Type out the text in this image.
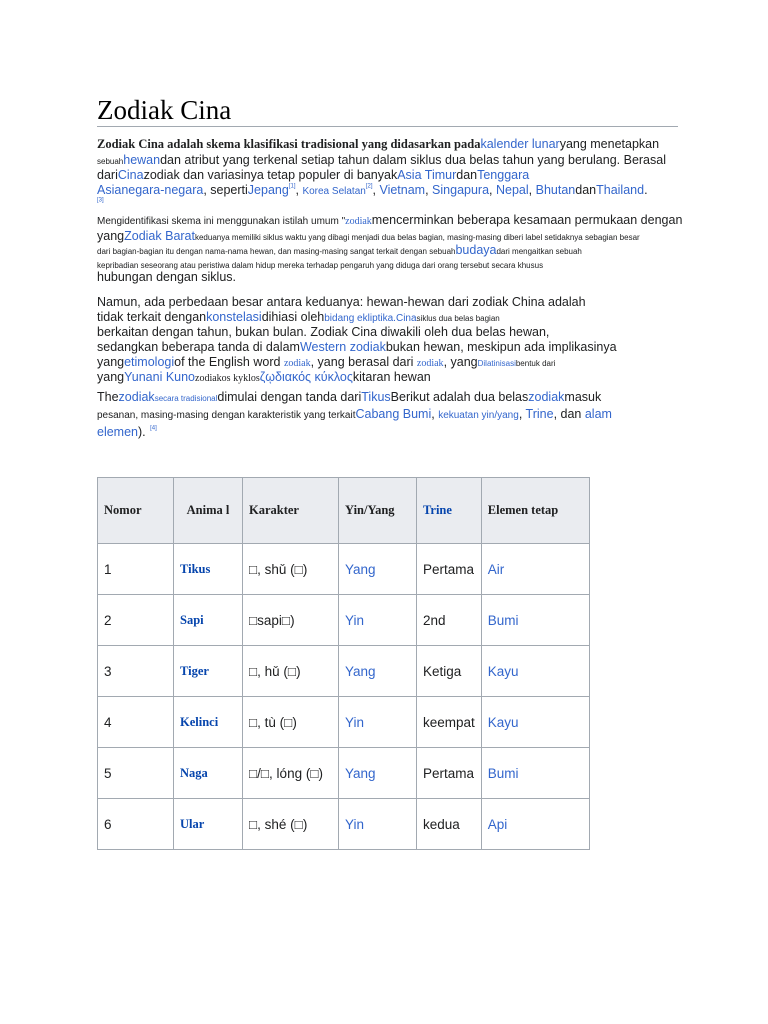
Zodiak Cina
Zodiak Cina adalah skema klasifikasi tradisional yang didasarkan padakalender lunaryang menetapkan
sebuahhewandan atribut yang terkenal setiap tahun dalam siklus dua belas tahun yang berulang. Berasal
dariCinazodiak dan variasinya tetap populer di banyakAsia TimurdanTenggara
Asianegara-negara, sepertiJepang[1], Korea Selatan[2], Vietnam, Singapura, Nepal, BhutandanThailand.
[3]
Mengidentifikasi skema ini menggunakan istilah umum "zodiakmencerminkan beberapa kesamaan permukaan dengan
yangZodiak Baratkeduanya memiliki siklus waktu yang dibagi menjadi dua belas bagian, masing-masing diberi label setidaknya sebagian besar
dari bagian-bagian itu dengan nama-nama hewan, dan masing-masing sangat terkait dengan sebuahbudayadari mengaitkan sebuah
kepribadian seseorang atau peristiwa dalam hidup mereka terhadap pengaruh yang diduga dari orang tersebut secara khusus
hubungan dengan siklus.
Namun, ada perbedaan besar antara keduanya: hewan-hewan dari zodiak China adalah
tidak terkait dengankonstelasidihiasi olehbidang ekliptika.Cinasiklus dua belas bagian
berkaitan dengan tahun, bukan bulan. Zodiak Cina diwakili oleh dua belas hewan,
sedangkan beberapa tanda di dalamWestern zodiakbukan hewan, meskipun ada implikasinya
yangetimologiof the English word zodiak, yang berasal dari zodiak, yangDilatinisasibentuk dari
yangYunani Kunozodiakos kyklosζῳδιακός κύκλοςkitaran hewan
Thezodiaksecara tradisionaldimulai dengan tanda dariTikusBerikut adalah dua belaszodiakmasuk
pesanan, masing-masing dengan karakteristik yang terkaitCabang Bumi, kekuatan yin/yang, Trine, dan alam
elemen). [4]
Nomor	Anima l	Karakter	Yin/Yang	Trine	Elemen tetap
1	Tikus	□, shǔ (□)	Yang	Pertama	Air
2	Sapi	□sapi□)	Yin	2nd	Bumi
3	Tiger	□, hǔ (□)	Yang	Ketiga	Kayu
4	Kelinci	□, tù (□)	Yin	keempat	Kayu
5	Naga	□/□, lóng (□)	Yang	Pertama	Bumi
6	Ular	□, shé (□)	Yin	kedua	Api
